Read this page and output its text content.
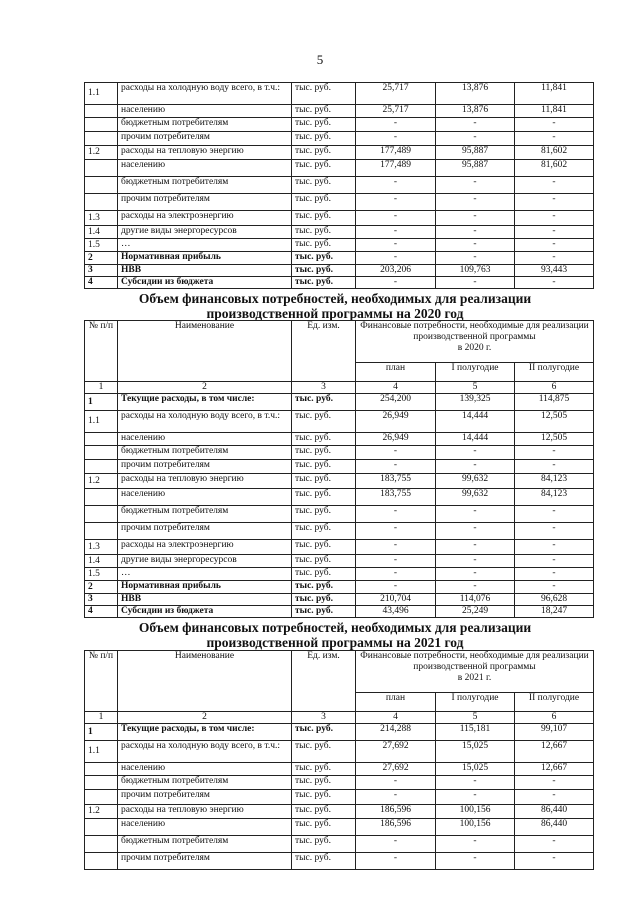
5
1.1	расходы на холодную воду всего, в т.ч.:	тыс. руб.	25,717	13,876	11,841
	населению	тыс. руб.	25,717	13,876	11,841
	бюджетным потребителям	тыс. руб.	-	-	-
	прочим потребителям	тыс. руб.	-	-	-
1.2	расходы на тепловую энергию	тыс. руб.	177,489	95,887	81,602
	населению	тыс. руб.	177,489	95,887	81,602
	бюджетным потребителям	тыс. руб.	-	-	-
	прочим потребителям	тыс. руб.	-	-	-
1.3	расходы на электроэнергию	тыс. руб.	-	-	-
1.4	другие виды энергоресурсов	тыс. руб.	-	-	-
1.5	…	тыс. руб.	-	-	-
2	Нормативная прибыль	тыс. руб.	-	-	-
3	НВВ	тыс. руб.	203,206	109,763	93,443
4	Субсидии из бюджета	тыс. руб.	-	-	-
Объем финансовых потребностей, необходимых для реализации
производственной программы на 2020 год
№ п/п	Наименование	Ед. изм.	Финансовые потребности, необходимые для реализации
производственной программы
в 2020 г.		

			план	I полугодие	II полугодие
1	2	3	4	5	6
1	Текущие расходы, в том числе:	тыс. руб.	254,200	139,325	114,875
1.1	расходы на холодную воду всего, в т.ч.:	тыс. руб.	26,949	14,444	12,505
	населению	тыс. руб.	26,949	14,444	12,505
	бюджетным потребителям	тыс. руб.	-	-	-
	прочим потребителям	тыс. руб.	-	-	-
1.2	расходы на тепловую энергию	тыс. руб.	183,755	99,632	84,123
	населению	тыс. руб.	183,755	99,632	84,123
	бюджетным потребителям	тыс. руб.	-	-	-
	прочим потребителям	тыс. руб.	-	-	-
1.3	расходы на электроэнергию	тыс. руб.	-	-	-
1.4	другие виды энергоресурсов	тыс. руб.	-	-	-
1.5	…	тыс. руб.	-	-	-
2	Нормативная прибыль	тыс. руб.	-	-	-
3	НВВ	тыс. руб.	210,704	114,076	96,628
4	Субсидии из бюджета	тыс. руб.	43,496	25,249	18,247
Объем финансовых потребностей, необходимых для реализации
производственной программы на 2021 год
№ п/п	Наименование	Ед. изм.	Финансовые потребности, необходимые для реализации
производственной программы
в 2021 г.		

			план	I полугодие	II полугодие
1	2	3	4	5	6
1	Текущие расходы, в том числе:	тыс. руб.	214,288	115,181	99,107
1.1	расходы на холодную воду всего, в т.ч.:	тыс. руб.	27,692	15,025	12,667
	населению	тыс. руб.	27,692	15,025	12,667
	бюджетным потребителям	тыс. руб.	-	-	-
	прочим потребителям	тыс. руб.	-	-	-
1.2	расходы на тепловую энергию	тыс. руб.	186,596	100,156	86,440
	населению	тыс. руб.	186,596	100,156	86,440
	бюджетным потребителям	тыс. руб.	-	-	-
	прочим потребителям	тыс. руб.	-	-	-
